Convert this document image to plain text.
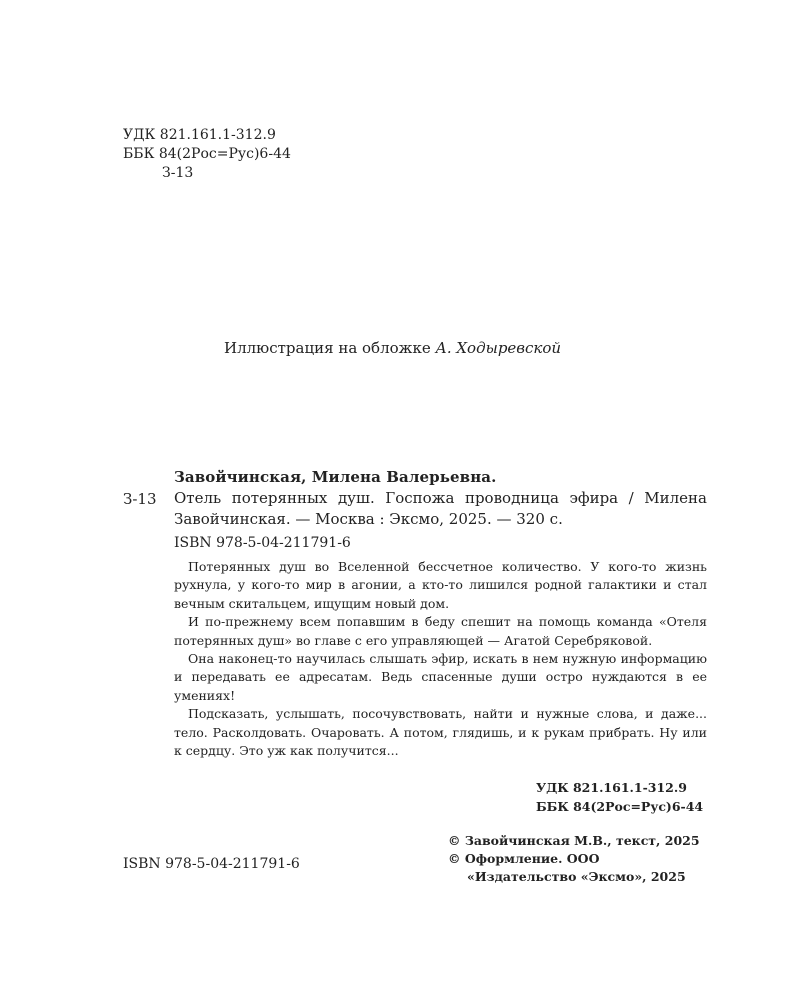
УДК 821.161.1-312.9
ББК 84(2Рос=Рус)6-44
З-13
Иллюстрация на обложке А. Ходыревской
Завойчинская, Милена Валерьевна.
З-13 Отель потерянных душ. Госпожа проводница эфира / Милена Завойчинская. — Москва : Эксмо, 2025. — 320 с.
ISBN 978-5-04-211791-6

Потерянных душ во Вселенной бессчетное количество. У кого-то жизнь рухнула, у кого-то мир в агонии, а кто-то лишился родной галактики и стал вечным скитальцем, ищущим новый дом.

И по-прежнему всем попавшим в беду спешит на помощь команда «Отеля потерянных душ» во главе с его управляющей — Агатой Серебряковой.

Она наконец-то научилась слышать эфир, искать в нем нужную информацию и передавать ее адресатам. Ведь спасенные души остро нуждаются в ее умениях!

Подсказать, услышать, посочувствовать, найти и нужные слова, и даже... тело. Расколдовать. Очаровать. А потом, глядишь, и к рукам прибрать. Ну или к сердцу. Это уж как получится...

УДК 821.161.1-312.9
ББК 84(2Рос=Рус)6-44
ISBN 978-5-04-211791-6
© Завойчинская М.В., текст, 2025
© Оформление. ООО
«Издательство «Эксмо», 2025
